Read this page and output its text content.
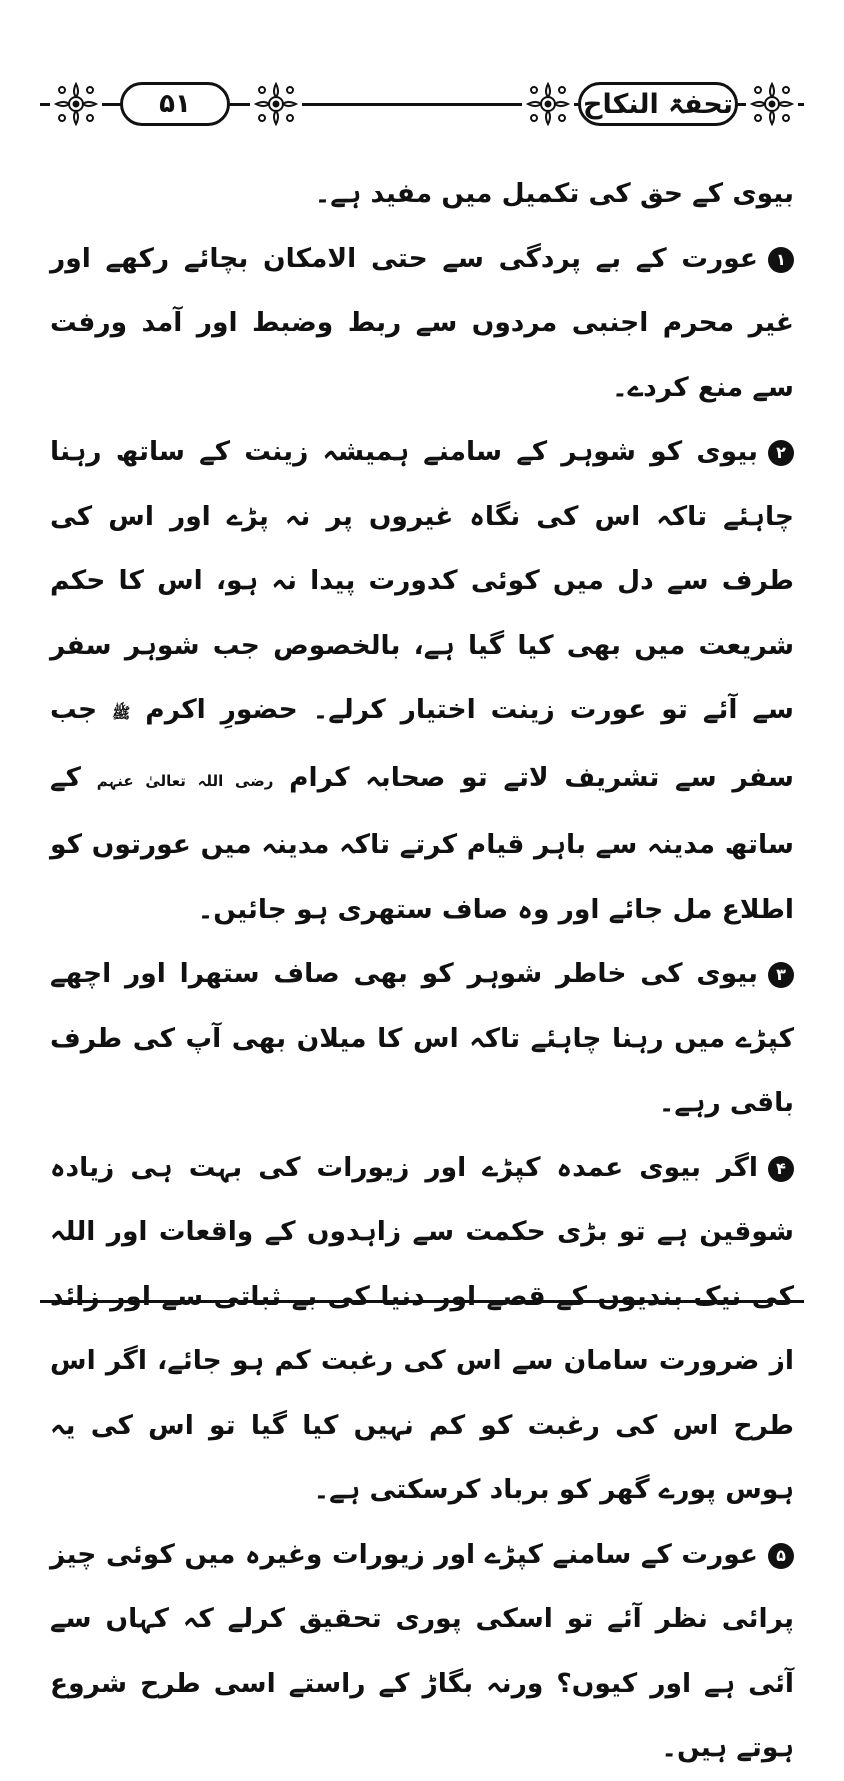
۵۱	تحفۃ النکاح

بیوی کے حق کی تکمیل میں مفید ہے۔

۱عورت کے بے پردگی سے حتی الامکان بچائے رکھے اور غیر محرم اجنبی مردوں سے ربط وضبط اور آمد ورفت سے منع کردے۔

۲بیوی کو شوہر کے سامنے ہمیشہ زینت کے ساتھ رہنا چاہئے تاکہ اس کی نگاہ غیروں پر نہ پڑے اور اس کی طرف سے دل میں کوئی کدورت پیدا نہ ہو، اس کا حکم شریعت میں بھی کیا گیا ہے، بالخصوص جب شوہر سفر سے آئے تو عورت زینت اختیار کرلے۔ حضورِ اکرم ﷺ جب سفر سے تشریف لاتے تو صحابہ کرام رضی اللہ تعالیٰ عنہم کے ساتھ مدینہ سے باہر قیام کرتے تاکہ مدینہ میں عورتوں کو اطلاع مل جائے اور وہ صاف ستھری ہو جائیں۔

۳بیوی کی خاطر شوہر کو بھی صاف ستھرا اور اچھے کپڑے میں رہنا چاہئے تاکہ اس کا میلان بھی آپ کی طرف باقی رہے۔

۴اگر بیوی عمدہ کپڑے اور زیورات کی بہت ہی زیادہ شوقین ہے تو بڑی حکمت سے زاہدوں کے واقعات اور اللہ کی نیک بندیوں کے قصے اور دنیا کی بے ثباتی سے اور زائد از ضرورت سامان سے اس کی رغبت کم ہو جائے، اگر اس طرح اس کی رغبت کو کم نہیں کیا گیا تو اس کی یہ ہوس پورے گھر کو برباد کرسکتی ہے۔

۵عورت کے سامنے کپڑے اور زیورات وغیرہ میں کوئی چیز پرائی نظر آئے تو اسکی پوری تحقیق کرلے کہ کہاں سے آئی ہے اور کیوں؟ ورنہ بگاڑ کے راستے اسی طرح شروع ہوتے ہیں۔
